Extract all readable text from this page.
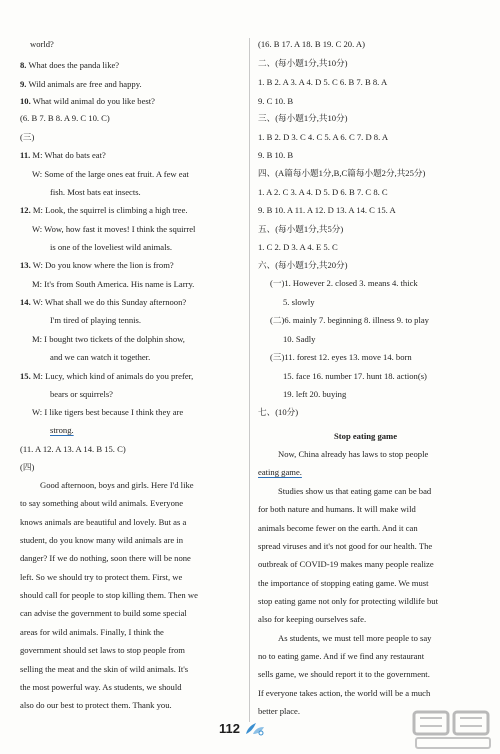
world?
8. What does the panda like?
9. Wild animals are free and happy.
10. What wild animal do you like best?
(6. B 7. B 8. A 9. C 10. C)
(三)
11. M: What do bats eat?
W: Some of the large ones eat fruit. A few eat
fish. Most bats eat insects.
12. M: Look, the squirrel is climbing a high tree.
W: Wow, how fast it moves! I think the squirrel
is one of the loveliest wild animals.
13. W: Do you know where the lion is from?
M: It's from South America. His name is Larry.
14. W: What shall we do this Sunday afternoon?
I'm tired of playing tennis.
M: I bought two tickets of the dolphin show,
and we can watch it together.
15. M: Lucy, which kind of animals do you prefer,
bears or squirrels?
W: I like tigers best because I think they are
strong.
(11. A 12. A 13. A 14. B 15. C)
(四)
Good afternoon, boys and girls. Here I'd like
to say something about wild animals. Everyone
knows animals are beautiful and lovely. But as a
student, do you know many wild animals are in
danger? If we do nothing, soon there will be none
left. So we should try to protect them. First, we
should call for people to stop killing them. Then we
can advise the government to build some special
areas for wild animals. Finally, I think the
government should set laws to stop people from
selling the meat and the skin of wild animals. It's
the most powerful way. As students, we should
also do our best to protect them. Thank you.
(16. B 17. A 18. B 19. C 20. A)
二、(每小题1分,共10分)
1. B 2. A 3. A 4. D 5. C 6. B 7. B 8. A
9. C 10. B
三、(每小题1分,共10分)
1. B 2. D 3. C 4. C 5. A 6. C 7. D 8. A
9. B 10. B
四、(A篇每小题1分,B,C篇每小题2分,共25分)
1. A 2. C 3. A 4. D 5. D 6. B 7. C 8. C
9. B 10. A 11. A 12. D 13. A 14. C 15. A
五、(每小题1分,共5分)
1. C 2. D 3. A 4. E 5. C
六、(每小题1分,共20分)
(一)1. However 2. closed 3. means 4. thick
5. slowly
(二)6. mainly 7. beginning 8. illness 9. to play
10. Sadly
(三)11. forest 12. eyes 13. move 14. born
15. face 16. number 17. hunt 18. action(s)
19. left 20. buying
七、(10分)
Stop eating game
Now, China already has laws to stop people
eating game.
Studies show us that eating game can be bad
for both nature and humans. It will make wild
animals become fewer on the earth. And it can
spread viruses and it's not good for our health. The
outbreak of COVID-19 makes many people realize
the importance of stopping eating game. We must
stop eating game not only for protecting wildlife but
also for keeping ourselves safe.
As students, we must tell more people to say
no to eating game. And if we find any restaurant
sells game, we should report it to the government.
If everyone takes action, the world will be a much
better place.
112
